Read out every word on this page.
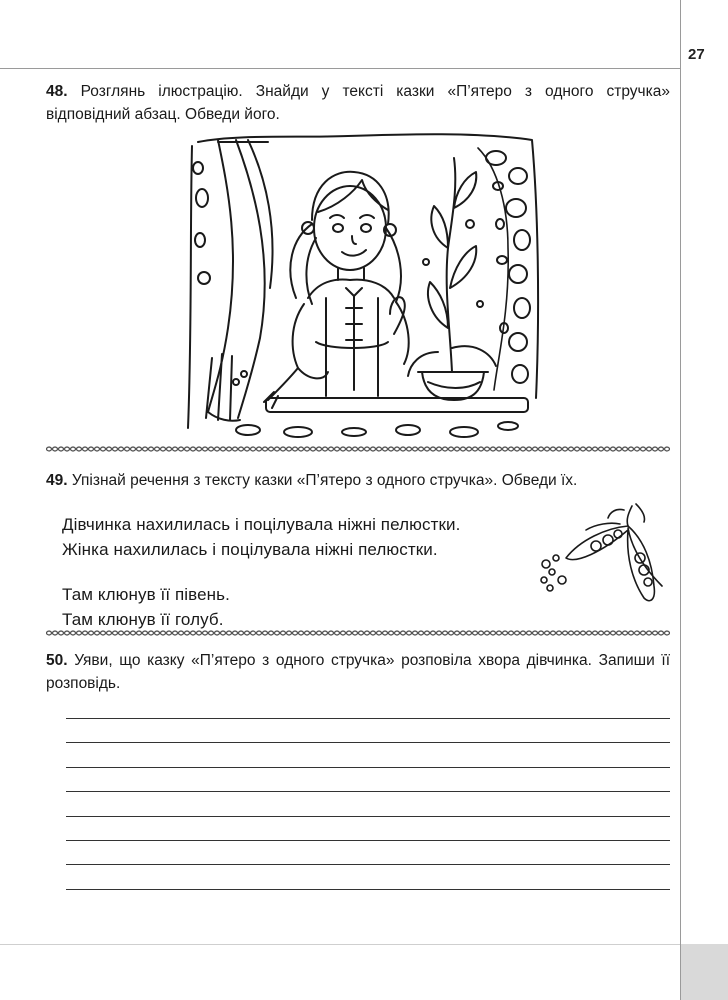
27
48. Розглянь ілюстрацію. Знайди у тексті казки «П’ятеро з одного стручка» відповідний абзац. Обведи його.
49. Упізнай речення з тексту казки «П’ятеро з одного стручка». Обведи їх.
Дівчинка нахилилась і поцілувала ніжні пелюстки.
Жінка нахилилась і поцілувала ніжні пелюстки.
Там клюнув її півень.
Там клюнув її голуб.
50. Уяви, що казку «П’ятеро з одного стручка» розповіла хвора дівчинка. Запиши її розповідь.
